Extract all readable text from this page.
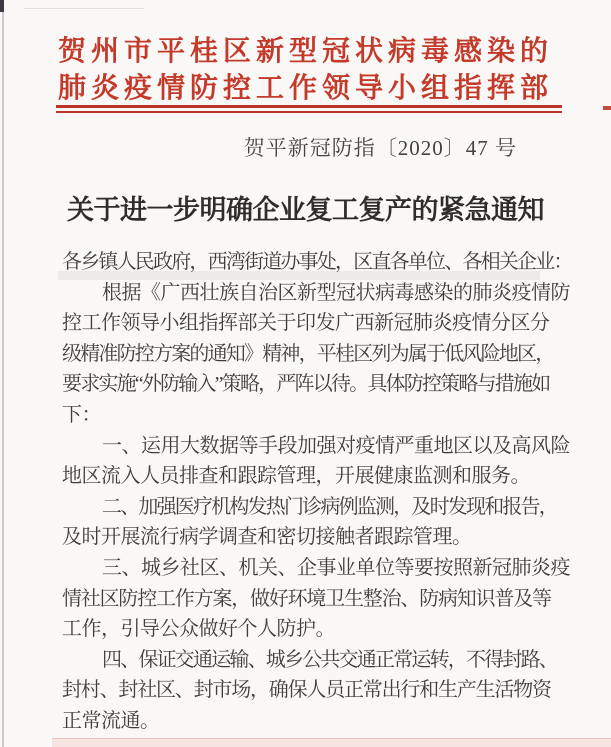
贺州市平桂区新型冠状病毒感染的
肺炎疫情防控工作领导小组指挥部
贺平新冠防指〔2020〕47 号
关于进一步明确企业复工复产的紧急通知
各乡镇人民政府，西湾街道办事处，区直各单位、各相关企业：
根据《广西壮族自治区新型冠状病毒感染的肺炎疫情防
控工作领导小组指挥部关于印发广西新冠肺炎疫情分区分
级精准防控方案的通知》精神，平桂区列为属于低风险地区，
要求实施“外防输入”策略，严阵以待。具体防控策略与措施如
下：
一、运用大数据等手段加强对疫情严重地区以及高风险
地区流入人员排查和跟踪管理，开展健康监测和服务。
二、加强医疗机构发热门诊病例监测，及时发现和报告，
及时开展流行病学调查和密切接触者跟踪管理。
三、城乡社区、机关、企事业单位等要按照新冠肺炎疫
情社区防控工作方案，做好环境卫生整治、防病知识普及等
工作，引导公众做好个人防护。
四、保证交通运输、城乡公共交通正常运转，不得封路、
封村、封社区、封市场，确保人员正常出行和生产生活物资
正常流通。
